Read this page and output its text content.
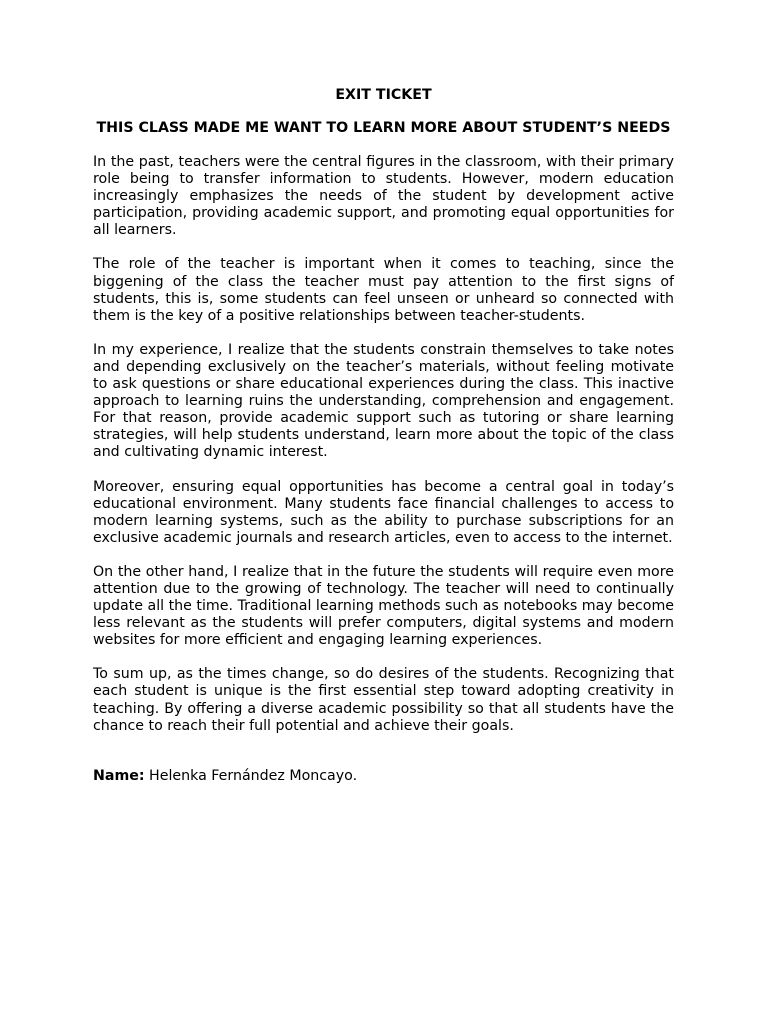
EXIT TICKET
THIS CLASS MADE ME WANT TO LEARN MORE ABOUT STUDENT’S NEEDS

In the past, teachers were the central figures in the classroom, with their primary role being to transfer information to students. However, modern education increasingly emphasizes the needs of the student by development active participation, providing academic support, and promoting equal opportunities for all learners.

The role of the teacher is important when it comes to teaching, since the biggening of the class the teacher must pay attention to the first signs of students, this is, some students can feel unseen or unheard so connected with them is the key of a positive relationships between teacher-students.

In my experience, I realize that the students constrain themselves to take notes and depending exclusively on the teacher’s materials, without feeling motivate to ask questions or share educational experiences during the class. This inactive approach to learning ruins the understanding, comprehension and engagement. For that reason, provide academic support such as tutoring or share learning strategies, will help students understand, learn more about the topic of the class and cultivating dynamic interest.

Moreover, ensuring equal opportunities has become a central goal in today’s educational environment. Many students face financial challenges to access to modern learning systems, such as the ability to purchase subscriptions for an exclusive academic journals and research articles, even to access to the internet.

On the other hand, I realize that in the future the students will require even more attention due to the growing of technology. The teacher will need to continually update all the time. Traditional learning methods such as notebooks may become less relevant as the students will prefer computers, digital systems and modern websites for more efficient and engaging learning experiences.

To sum up, as the times change, so do desires of the students. Recognizing that each student is unique is the first essential step toward adopting creativity in teaching. By offering a diverse academic possibility so that all students have the chance to reach their full potential and achieve their goals.

Name: Helenka Fernández Moncayo.
